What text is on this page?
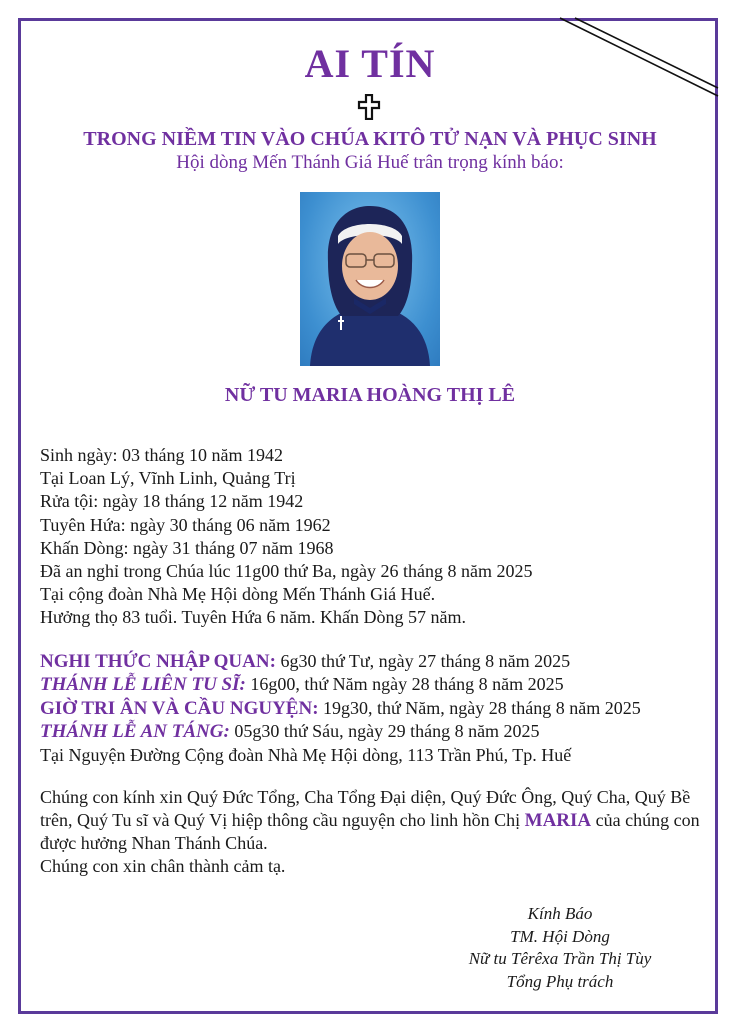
AI TÍN
TRONG NIỀM TIN VÀO CHÚA KITÔ TỬ NẠN VÀ PHỤC SINH
Hội dòng Mến Thánh Giá Huế trân trọng kính báo:
NỮ TU MARIA HOÀNG THỊ LÊ
Sinh ngày: 03 tháng 10 năm 1942
Tại Loan Lý, Vĩnh Linh, Quảng Trị
Rửa tội: ngày 18 tháng 12 năm 1942
Tuyên Hứa: ngày 30 tháng 06 năm 1962
Khấn Dòng: ngày 31 tháng 07 năm 1968
Đã an nghỉ trong Chúa lúc 11g00 thứ Ba, ngày 26 tháng 8 năm 2025
Tại cộng đoàn Nhà Mẹ Hội dòng Mến Thánh Giá Huế.
Hưởng thọ 83 tuổi. Tuyên Hứa 6 năm. Khấn Dòng 57 năm.
NGHI THỨC NHẬP QUAN: 6g30 thứ Tư, ngày 27 tháng 8 năm 2025
THÁNH LỄ LIÊN TU SĨ: 16g00, thứ Năm ngày 28 tháng 8 năm 2025
GIỜ TRI ÂN VÀ CẦU NGUYỆN: 19g30, thứ Năm, ngày 28 tháng 8 năm 2025
THÁNH LỄ AN TÁNG: 05g30 thứ Sáu, ngày 29 tháng 8 năm 2025
Tại Nguyện Đường Cộng đoàn Nhà Mẹ Hội dòng, 113 Trần Phú, Tp. Huế

Chúng con kính xin Quý Đức Tổng, Cha Tổng Đại diện, Quý Đức Ông, Quý Cha, Quý Bề trên, Quý Tu sĩ và Quý Vị hiệp thông cầu nguyện cho linh hồn Chị MARIA của chúng con được hưởng Nhan Thánh Chúa.

Chúng con xin chân thành cảm tạ.

Kính Báo
TM. Hội Dòng
Nữ tu Têrêxa Trần Thị Tùy
Tổng Phụ trách
